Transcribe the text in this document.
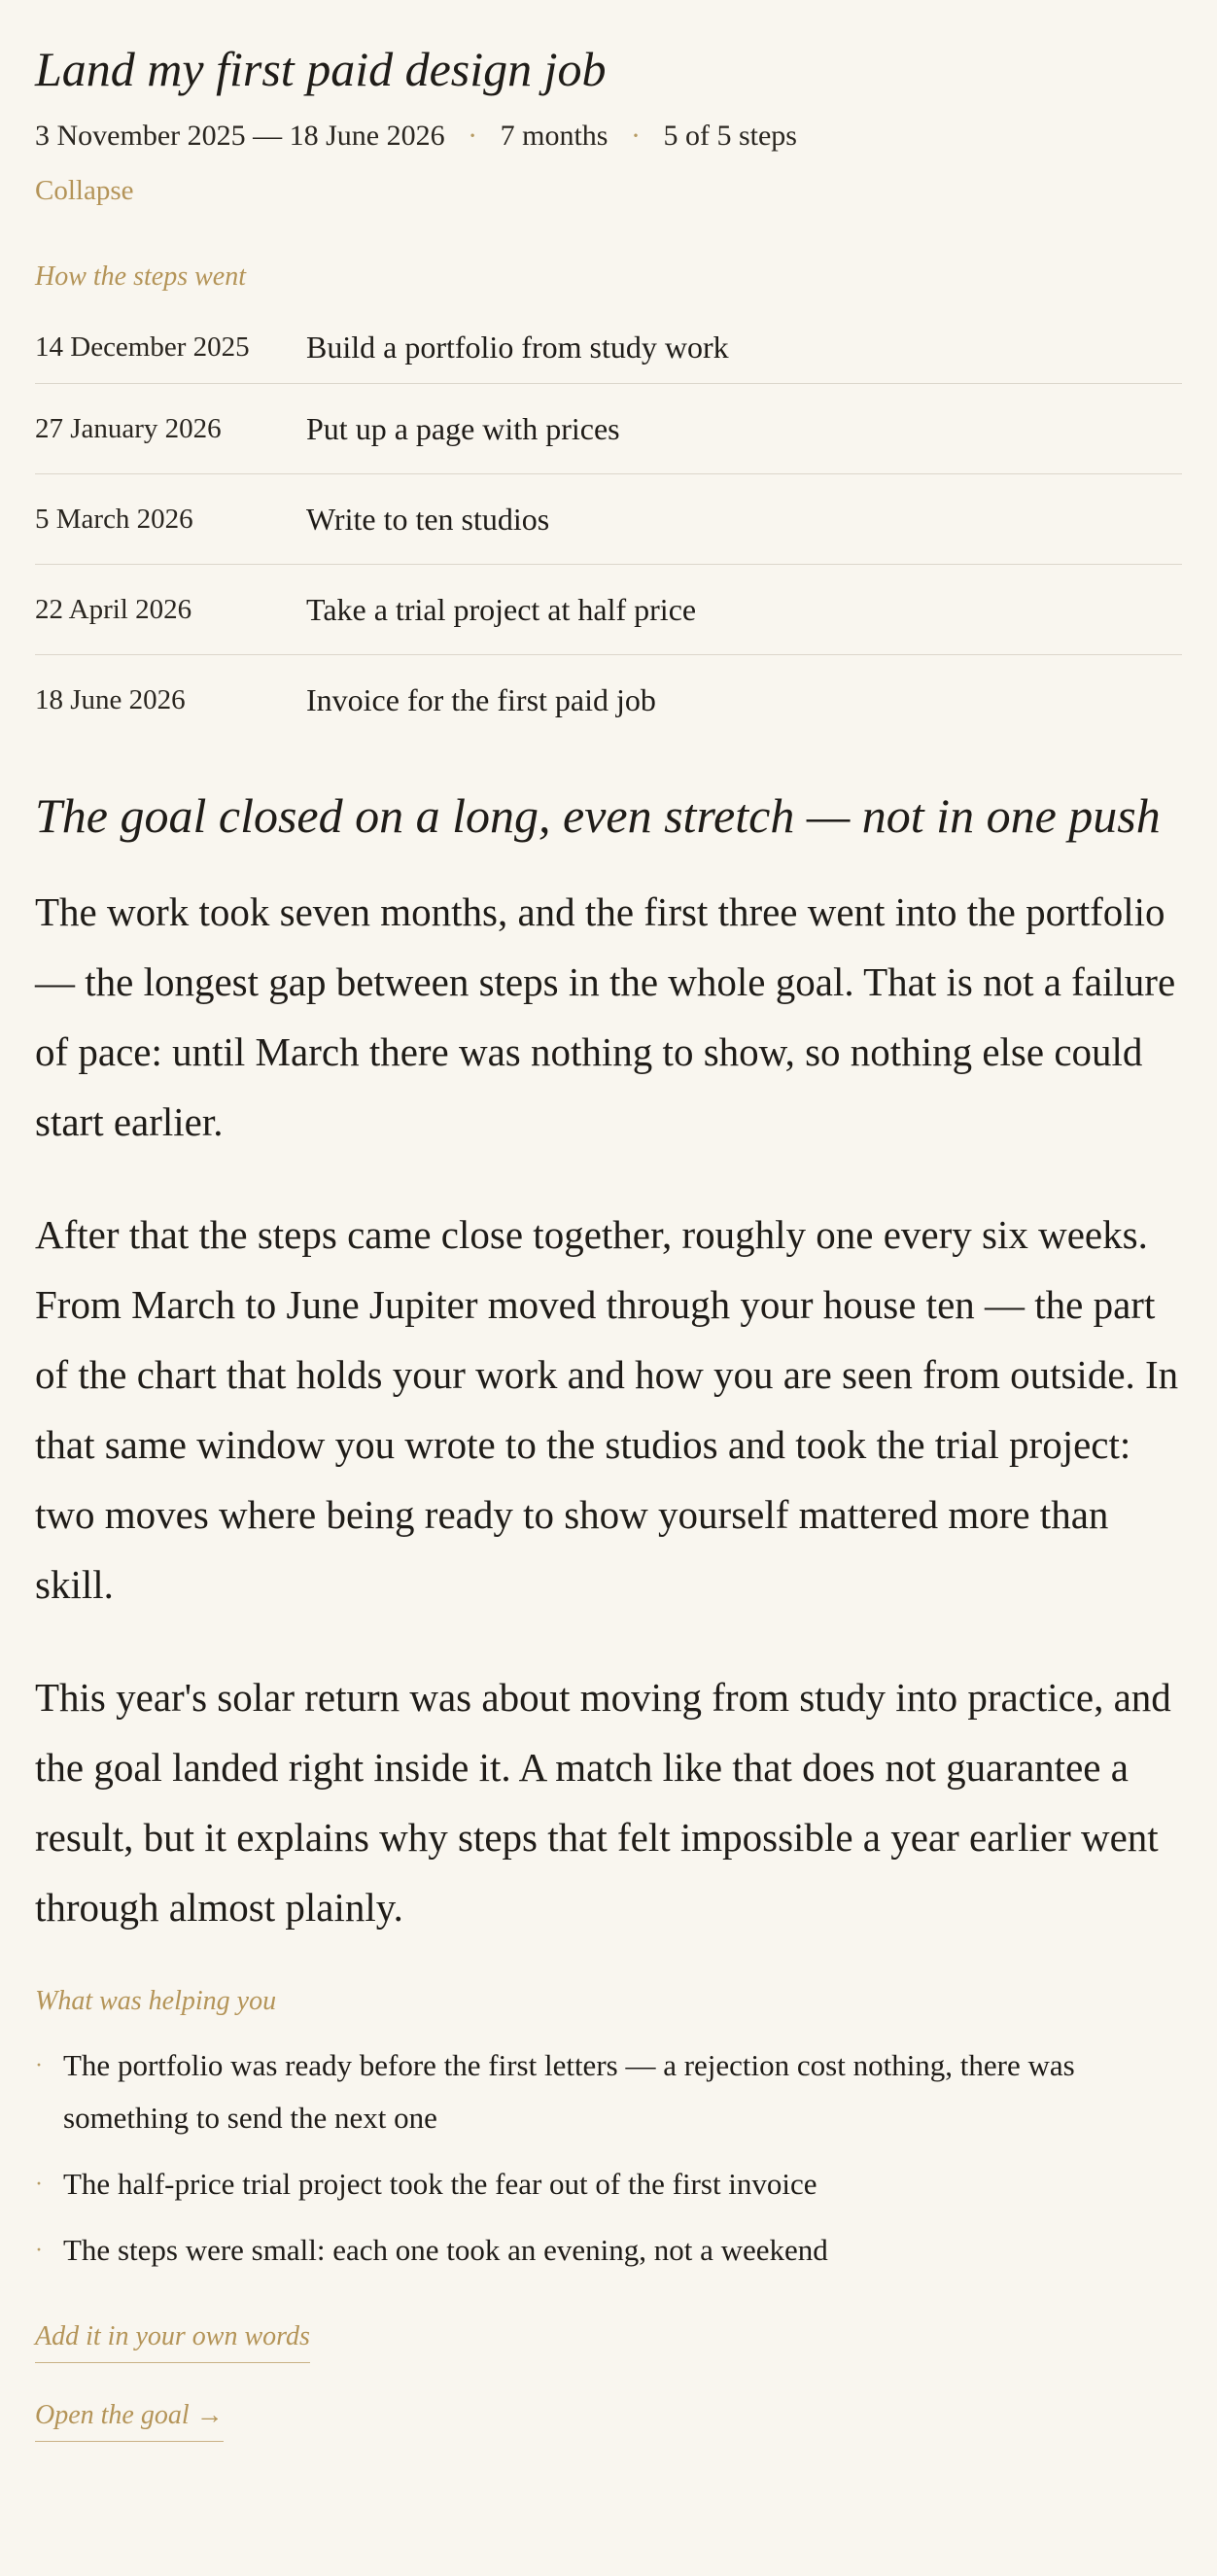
Land my first paid design job
3 November 2025 — 18 June 2026 · 7 months · 5 of 5 steps
Collapse
How the steps went
14 December 2025	Build a portfolio from study work
27 January 2026	Put up a page with prices
5 March 2026	Write to ten studios
22 April 2026	Take a trial project at half price
18 June 2026	Invoice for the first paid job
The goal closed on a long, even stretch — not in one push

The work took seven months, and the first three went into the portfolio — the longest gap between steps in the whole goal. That is not a failure of pace: until March there was nothing to show, so nothing else could start earlier.

After that the steps came close together, roughly one every six weeks. From March to June Jupiter moved through your house ten — the part of the chart that holds your work and how you are seen from outside. In that same window you wrote to the studios and took the trial project: two moves where being ready to show yourself mattered more than skill.

This year's solar return was about moving from study into practice, and the goal landed right inside it. A match like that does not guarantee a result, but it explains why steps that felt impossible a year earlier went through almost plainly.

What was helping you
· The portfolio was ready before the first letters — a rejection cost nothing, there was something to send the next one
· The half-price trial project took the fear out of the first invoice
· The steps were small: each one took an evening, not a weekend
Add it in your own words
Open the goal →
